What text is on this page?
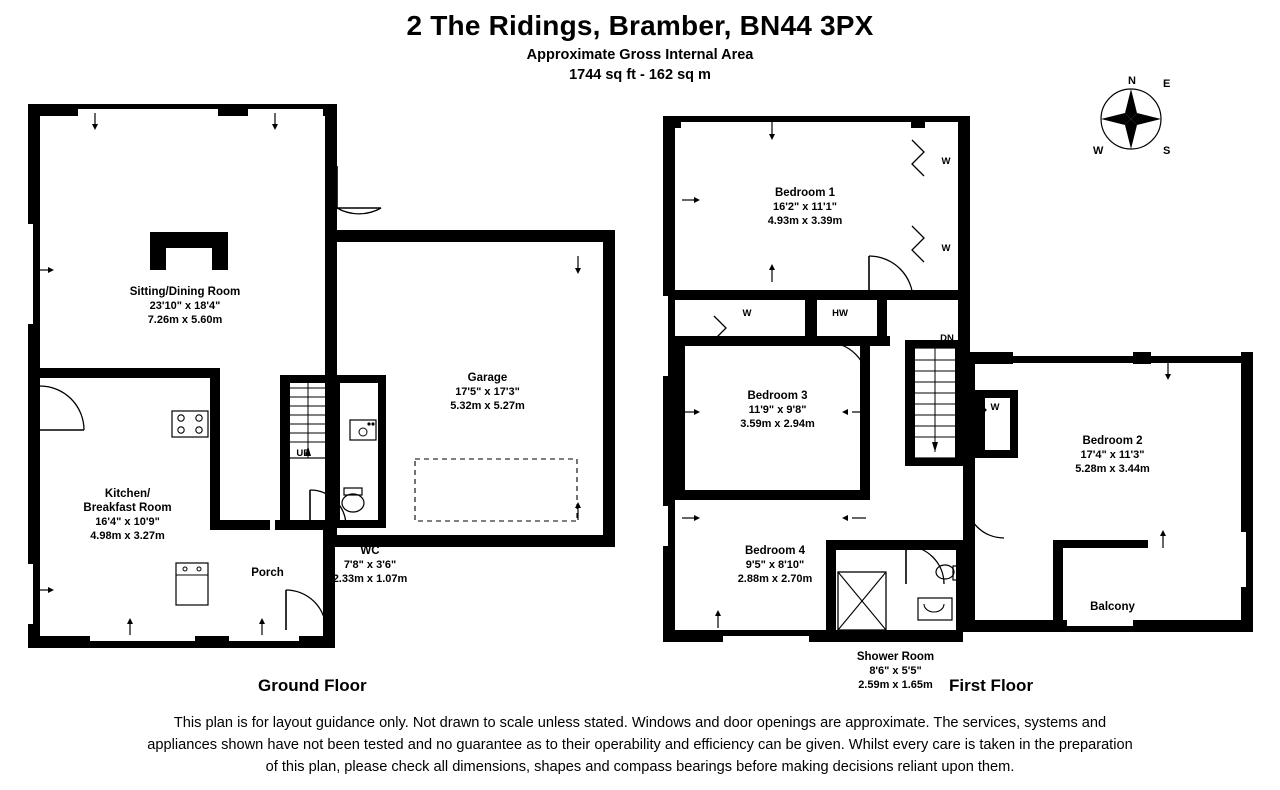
2 The Ridings, Bramber, BN44 3PX
Approximate Gross Internal Area
1744 sq ft - 162 sq m	N E
S
W
Sitting/Dining Room
23'10" x 18'4"
7.26m x 5.60m
Kitchen/
Breakfast Room
16'4" x 10'9"
4.98m x 3.27m
Garage
17'5" x 17'3"
5.32m x 5.27m
WC
7'8" x 3'6"
2.33m x 1.07m
Porch
UP
Bedroom 1
16'2" x 11'1"
4.93m x 3.39m
Bedroom 2
17'4" x 11'3"
5.28m x 3.44m
Bedroom 3
11'9" x 9'8"
3.59m x 2.94m
Bedroom 4
9'5" x 8'10"
2.88m x 2.70m
Shower Room
8'6" x 5'5"
2.59m x 1.65m
Balcony
DN
W
W
W
W
HW
Ground Floor	First Floor
This plan is for layout guidance only. Not drawn to scale unless stated. Windows and door openings are approximate. The services, systems and
appliances shown have not been tested and no guarantee as to their operability and efficiency can be given. Whilst every care is taken in the preparation
of this plan, please check all dimensions, shapes and compass bearings before making decisions reliant upon them.
